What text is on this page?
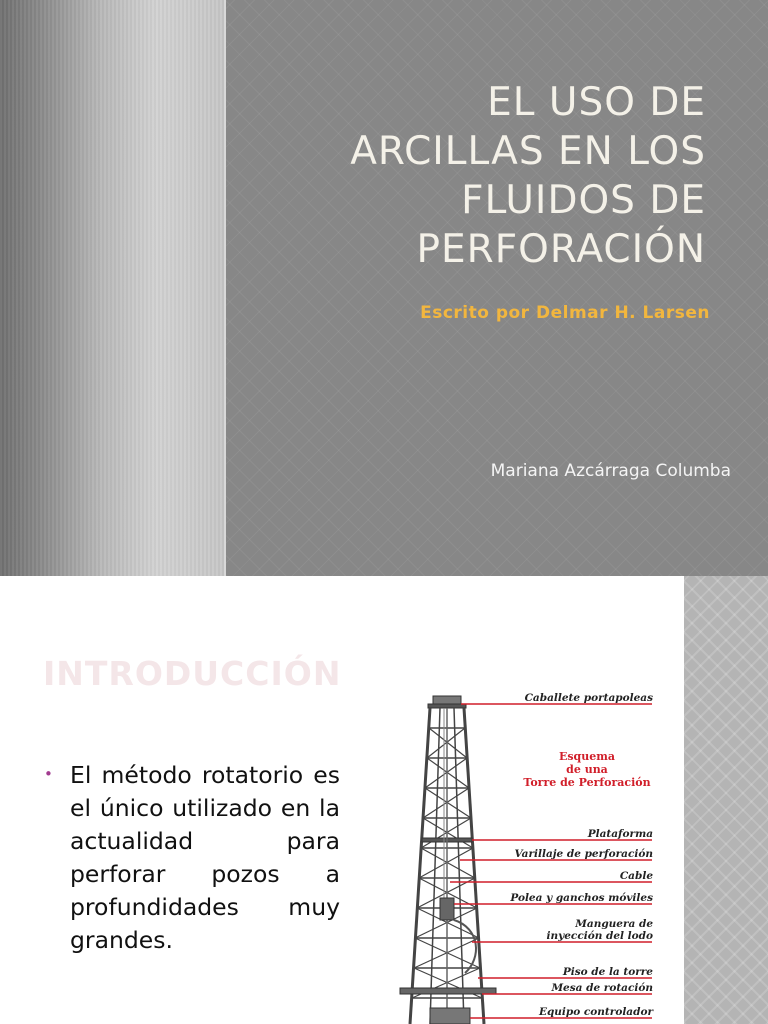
EL USO DE
ARCILLAS EN LOS
FLUIDOS DE
PERFORACIÓN

Escrito por Delmar H. Larsen

Mariana Azcárraga Columba

INTRODUCCIÓN
• El método rotatorio es el único utilizado en la actualidad para perforar pozos a profundidades muy grandes.
Esquema
de una
Torre de Perforación
Caballete portapoleas
Plataforma
Varillaje de perforación
Cable
Polea y ganchos móviles
Manguera de
inyección del lodo
Piso de la torre
Mesa de rotación
Equipo controlador
